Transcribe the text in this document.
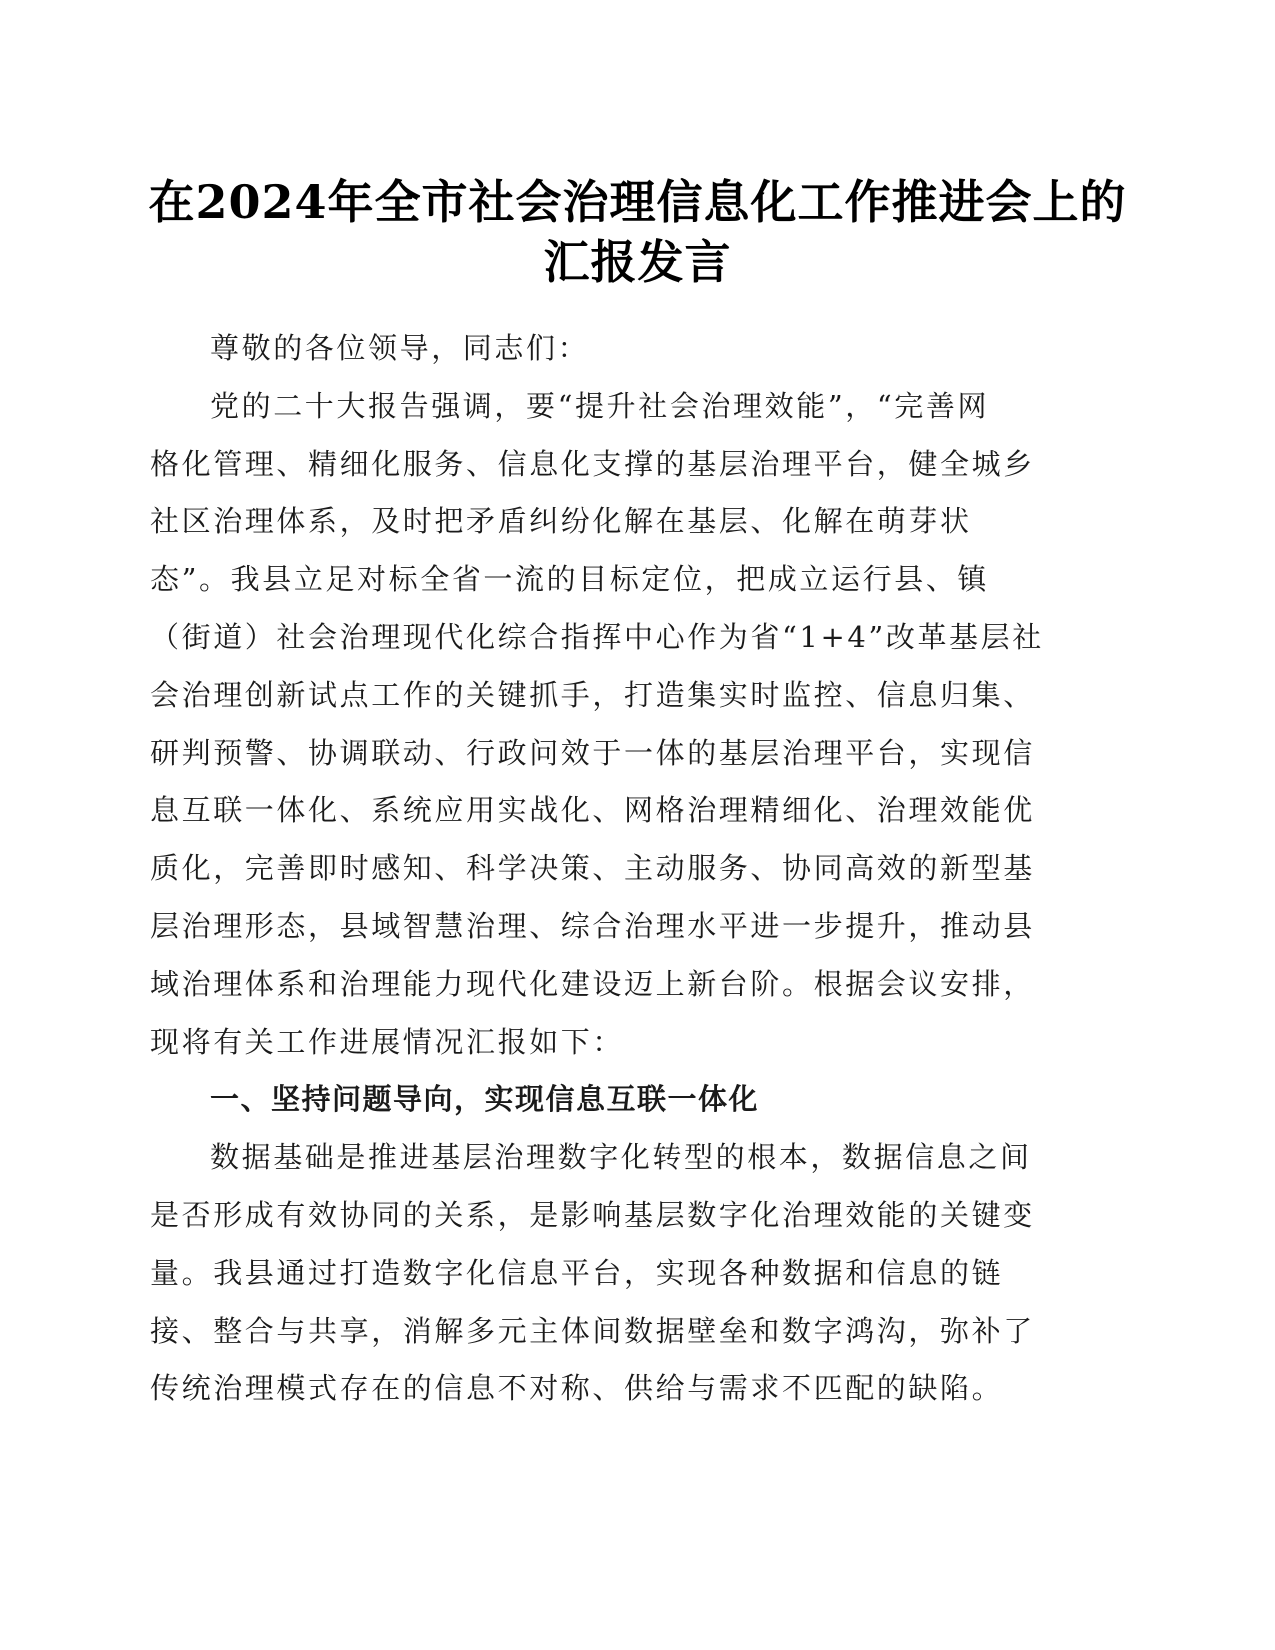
在2024年全市社会治理信息化工作推进会上的
汇报发言
尊敬的各位领导，同志们：
党的二十大报告强调，要“提升社会治理效能”，“完善网
格化管理、精细化服务、信息化支撑的基层治理平台，健全城乡
社区治理体系，及时把矛盾纠纷化解在基层、化解在萌芽状
态”。我县立足对标全省一流的目标定位，把成立运行县、镇
（街道）社会治理现代化综合指挥中心作为省“1+4”改革基层社
会治理创新试点工作的关键抓手，打造集实时监控、信息归集、
研判预警、协调联动、行政问效于一体的基层治理平台，实现信
息互联一体化、系统应用实战化、网格治理精细化、治理效能优
质化，完善即时感知、科学决策、主动服务、协同高效的新型基
层治理形态，县域智慧治理、综合治理水平进一步提升，推动县
域治理体系和治理能力现代化建设迈上新台阶。根据会议安排，
现将有关工作进展情况汇报如下：
一、坚持问题导向，实现信息互联一体化
数据基础是推进基层治理数字化转型的根本，数据信息之间
是否形成有效协同的关系，是影响基层数字化治理效能的关键变
量。我县通过打造数字化信息平台，实现各种数据和信息的链
接、整合与共享，消解多元主体间数据壁垒和数字鸿沟，弥补了
传统治理模式存在的信息不对称、供给与需求不匹配的缺陷。
